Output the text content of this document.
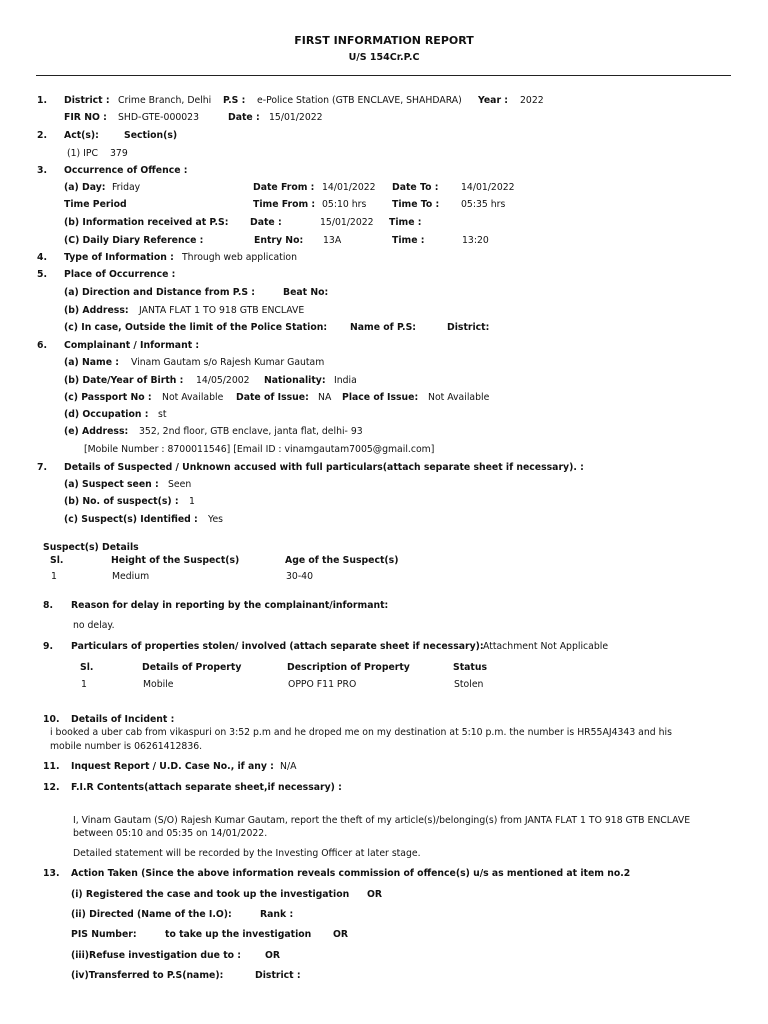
FIRST INFORMATION REPORT
U/S 154Cr.P.C
1. District : Crime Branch, Delhi P.S : e-Police Station (GTB ENCLAVE, SHAHDARA) Year : 2022
FIR NO : SHD-GTE-000023	Date : 15/01/2022
2. Act(s):	Section(s)
(1) IPC 379
3. Occurrence of Offence :
(a) Day: Friday	Date From : 14/01/2022 Date To : 14/01/2022
Time Period	Time From : 05:10 hrs	Time To : 05:35 hrs
(b) Information received at P.S: Date :	15/01/2022 Time :
(C) Daily Diary Reference :	Entry No: 13A	Time :	13:20
4. Type of Information : Through web application
5. Place of Occurrence :
(a) Direction and Distance from P.S :	Beat No:
(b) Address: JANTA FLAT 1 TO 918 GTB ENCLAVE
(c) In case, Outside the limit of the Police Station: Name of P.S:	District:
6. Complainant / Informant :
(a) Name : Vinam Gautam s/o Rajesh Kumar Gautam
(b) Date/Year of Birth : 14/05/2002 Nationality: India
(c) Passport No : Not Available Date of Issue: NA Place of Issue: Not Available
(d) Occupation : st
(e) Address: 352, 2nd floor, GTB enclave, janta flat, delhi- 93
[Mobile Number : 8700011546] [Email ID : vinamgautam7005@gmail.com]
7. Details of Suspected / Unknown accused with full particulars(attach separate sheet if necessary). :
(a) Suspect seen : Seen
(b) No. of suspect(s) : 1
(c) Suspect(s) Identified : Yes
Suspect(s) Details
Sl.	Height of the Suspect(s)	Age of the Suspect(s)
1	Medium	30-40
8. Reason for delay in reporting by the complainant/informant:
no delay.
9. Particulars of properties stolen/ involved (attach separate sheet if necessary): Attachment Not Applicable
Sl.	Details of Property	Description of Property	Status
1	Mobile	OPPO F11 PRO	Stolen
10. Details of Incident :
i booked a uber cab from vikaspuri on 3:52 p.m and he droped me on my destination at 5:10 p.m. the number is HR55AJ4343 and his
mobile number is 06261412836.
11. Inquest Report / U.D. Case No., if any : N/A
12. F.I.R Contents(attach separate sheet,if necessary) :
I, Vinam Gautam (S/O) Rajesh Kumar Gautam, report the theft of my article(s)/belonging(s) from JANTA FLAT 1 TO 918 GTB ENCLAVE
between 05:10 and 05:35 on 14/01/2022.
Detailed statement will be recorded by the Investing Officer at later stage.
13. Action Taken (Since the above information reveals commission of offence(s) u/s as mentioned at item no.2
(i) Registered the case and took up the investigation OR
(ii) Directed (Name of the I.O):	Rank :
PIS Number:	to take up the investigation OR
(iii)Refuse investigation due to :	OR
(iv)Transferred to P.S(name):	District :
